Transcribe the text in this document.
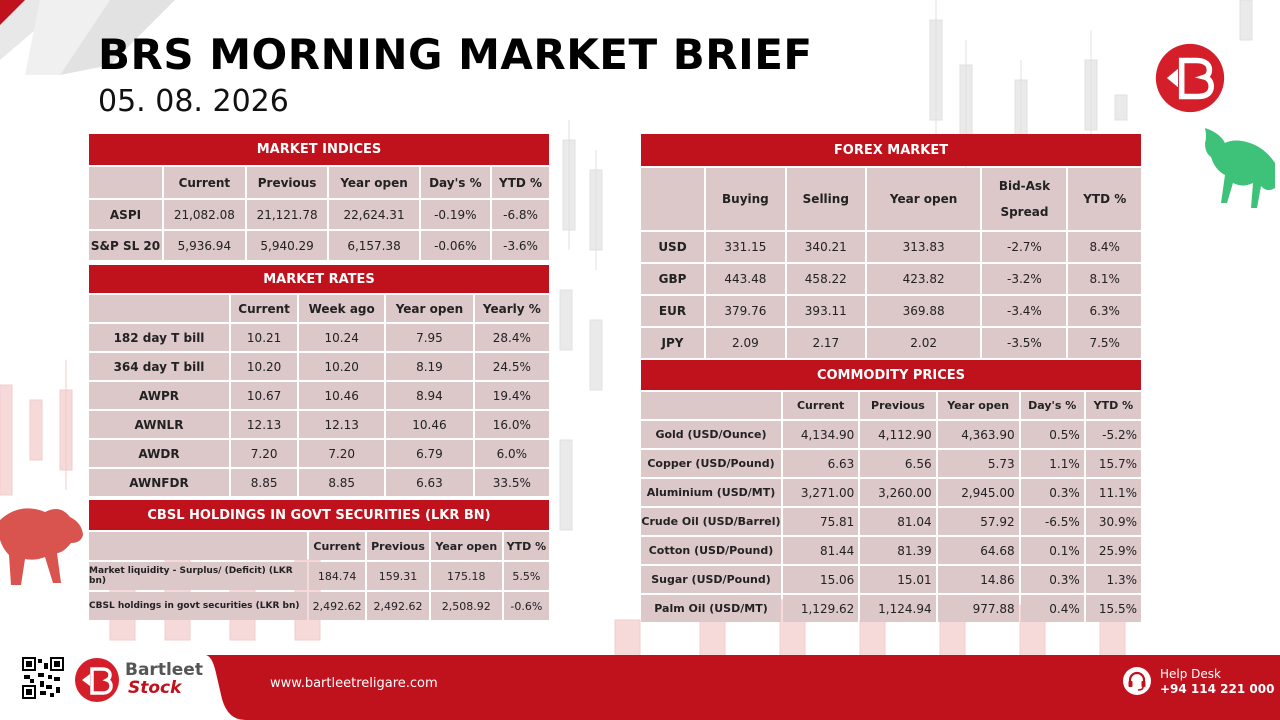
BRS MORNING MARKET BRIEF
05. 08. 2026
MARKET INDICES					
	Current	Previous	Year open	Day's %	YTD %
ASPI	21,082.08	21,121.78	22,624.31	-0.19%	-6.8%
S&P SL 20	5,936.94	5,940.29	6,157.38	-0.06%	-3.6%
MARKET RATES				
	Current	Week ago	Year open	Yearly %
182 day T bill	10.21	10.24	7.95	28.4%
364 day T bill	10.20	10.20	8.19	24.5%
AWPR	10.67	10.46	8.94	19.4%
AWNLR	12.13	12.13	10.46	16.0%
AWDR	7.20	7.20	6.79	6.0%
AWNFDR	8.85	8.85	6.63	33.5%
CBSL HOLDINGS IN GOVT SECURITIES (LKR BN)				
	Current	Previous	Year open	YTD %
Market liquidity - Surplus/ (Deficit) (LKR bn)	184.74	159.31	175.18	5.5%
CBSL holdings in govt securities (LKR bn)	2,492.62	2,492.62	2,508.92	-0.6%
FOREX MARKET					
	Buying	Selling	Year open	Bid-Ask Spread	YTD %
USD	331.15	340.21	313.83	-2.7%	8.4%
GBP	443.48	458.22	423.82	-3.2%	8.1%
EUR	379.76	393.11	369.88	-3.4%	6.3%
JPY	2.09	2.17	2.02	-3.5%	7.5%
COMMODITY PRICES					
	Current	Previous	Year open	Day's %	YTD %
Gold (USD/Ounce)	4,134.90	4,112.90	4,363.90	0.5%	-5.2%
Copper (USD/Pound)	6.63	6.56	5.73	1.1%	15.7%
Aluminium (USD/MT)	3,271.00	3,260.00	2,945.00	0.3%	11.1%
Crude Oil (USD/Barrel)	75.81	81.04	57.92	-6.5%	30.9%
Cotton (USD/Pound)	81.44	81.39	64.68	0.1%	25.9%
Sugar (USD/Pound)	15.06	15.01	14.86	0.3%	1.3%
Palm Oil (USD/MT)	1,129.62	1,124.94	977.88	0.4%	15.5%
Bartleet
Stock	www.bartleetreligare.com
Help Desk
+94 114 221 000
